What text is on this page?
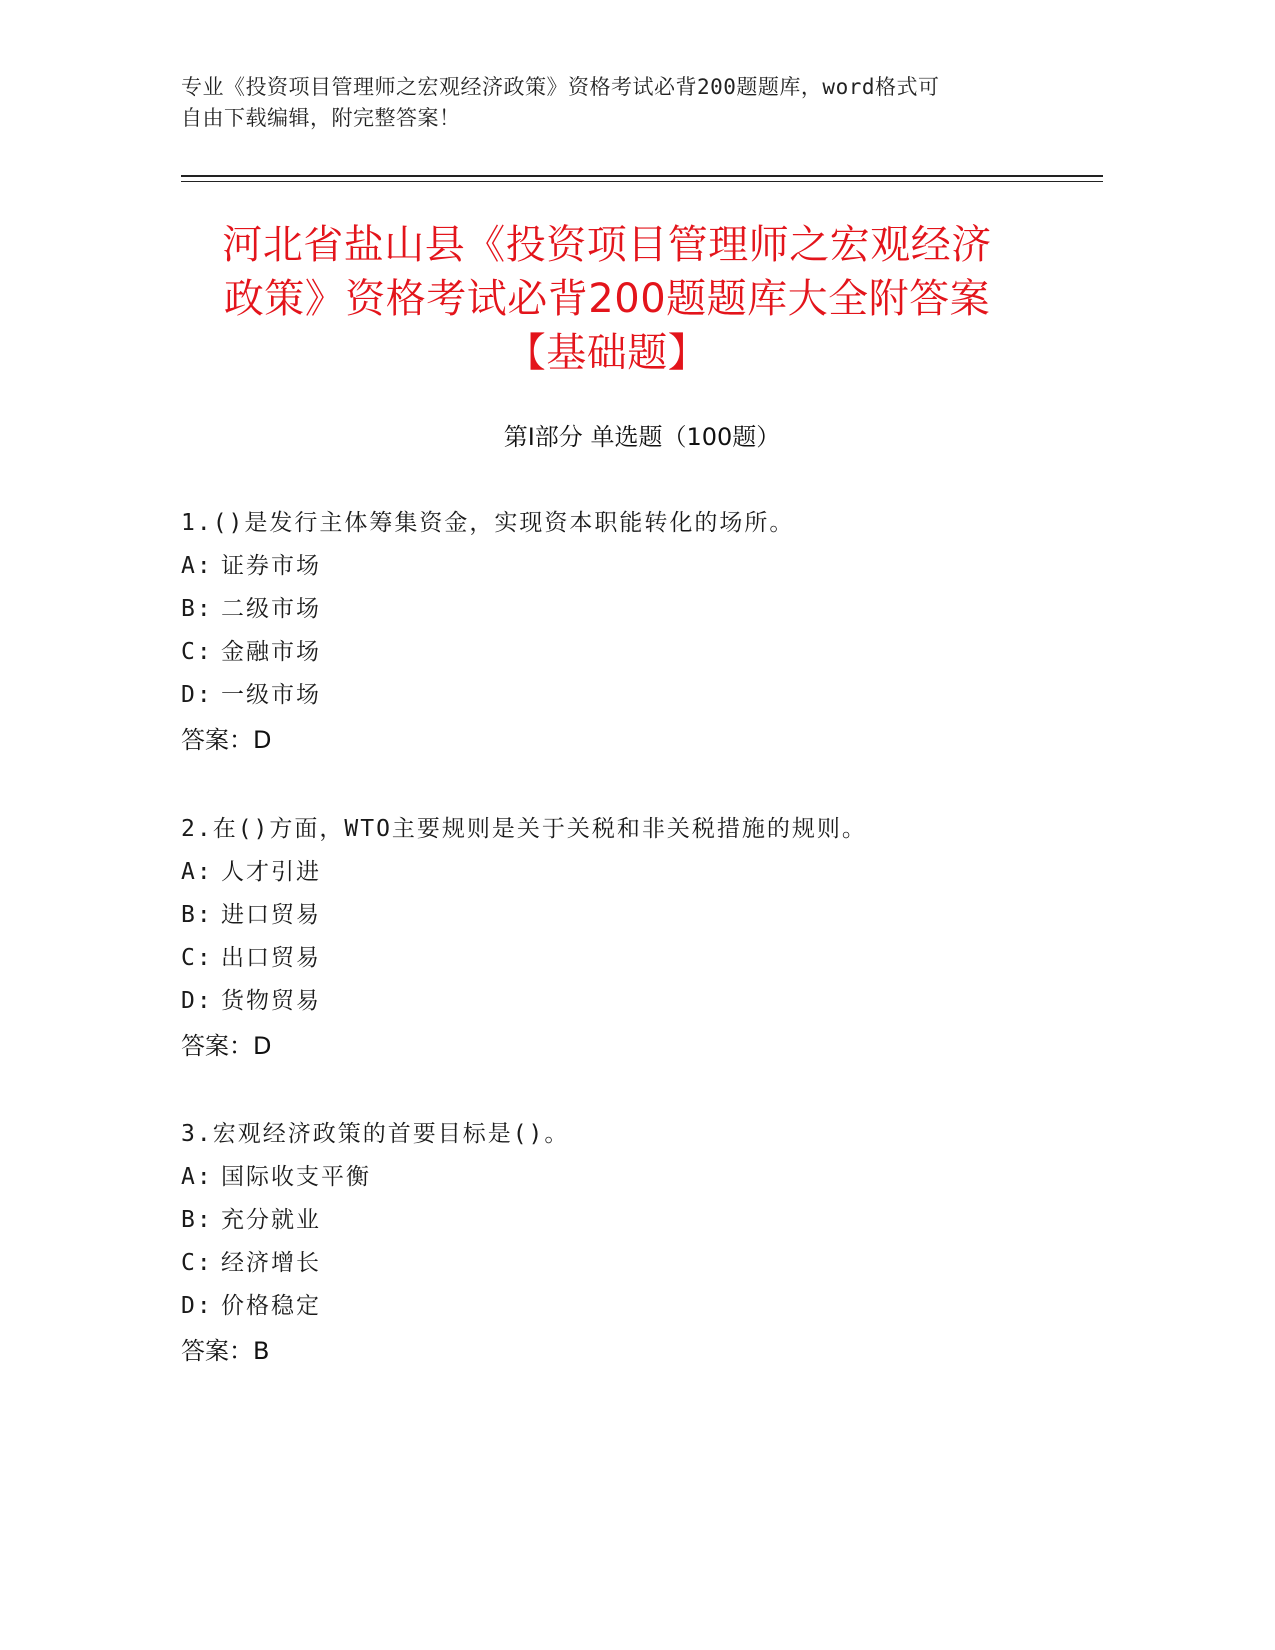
专业《投资项目管理师之宏观经济政策》资格考试必背200题题库，word格式可
自由下载编辑，附完整答案！
河北省盐山县《投资项目管理师之宏观经济
政策》资格考试必背200题题库大全附答案
【基础题】
第I部分 单选题（100题）
1.()是发行主体筹集资金，实现资本职能转化的场所。
A: 证券市场
B: 二级市场
C: 金融市场
D: 一级市场
答案：D
2.在()方面，WTO主要规则是关于关税和非关税措施的规则。
A: 人才引进
B: 进口贸易
C: 出口贸易
D: 货物贸易
答案：D
3.宏观经济政策的首要目标是()。
A: 国际收支平衡
B: 充分就业
C: 经济增长
D: 价格稳定
答案：B
